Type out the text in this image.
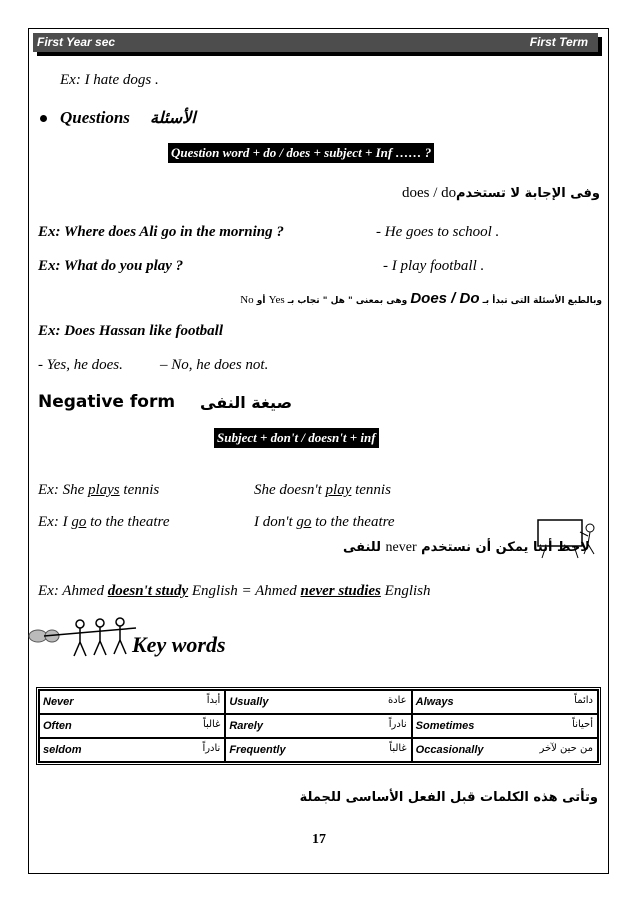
First Year sec	First Term
Ex: I hate dogs .
Questions الأسئلة
Question word + do / does + subject + Inf …… ?
وفى الإجابة لا تستخدم
does / do
Ex: Where does Ali go in the morning ?	- He goes to school .
Ex: What do you play ?	- I play football .
وبالطبع الأسئلة التى تبدأ بـ Does / Do وهى بمعنى " هل " تجاب بـ Yes أو No
Ex: Does Hassan like football
- Yes, he does. – No, he does not.
Negative form صيغة النفى
Subject + don't / doesn't + inf
Ex: She plays tennis	She doesn't play tennis
Ex: I go to the theatre	I don't go to the theatre
لاحظ أننا يمكن أن نستخدم never للنفى
Ex: Ahmed doesn't study English = Ahmed never studies English
Key words
Never أبداً	Usually عادة	Always دائماً

Often غالباً	Rarely نادراً	Sometimes أحياناً

seldom نادراً	Frequently غالباً	Occasionally من حين لآخر
وتأتى هذه الكلمات قبل الفعل الأساسى للجملة
17
